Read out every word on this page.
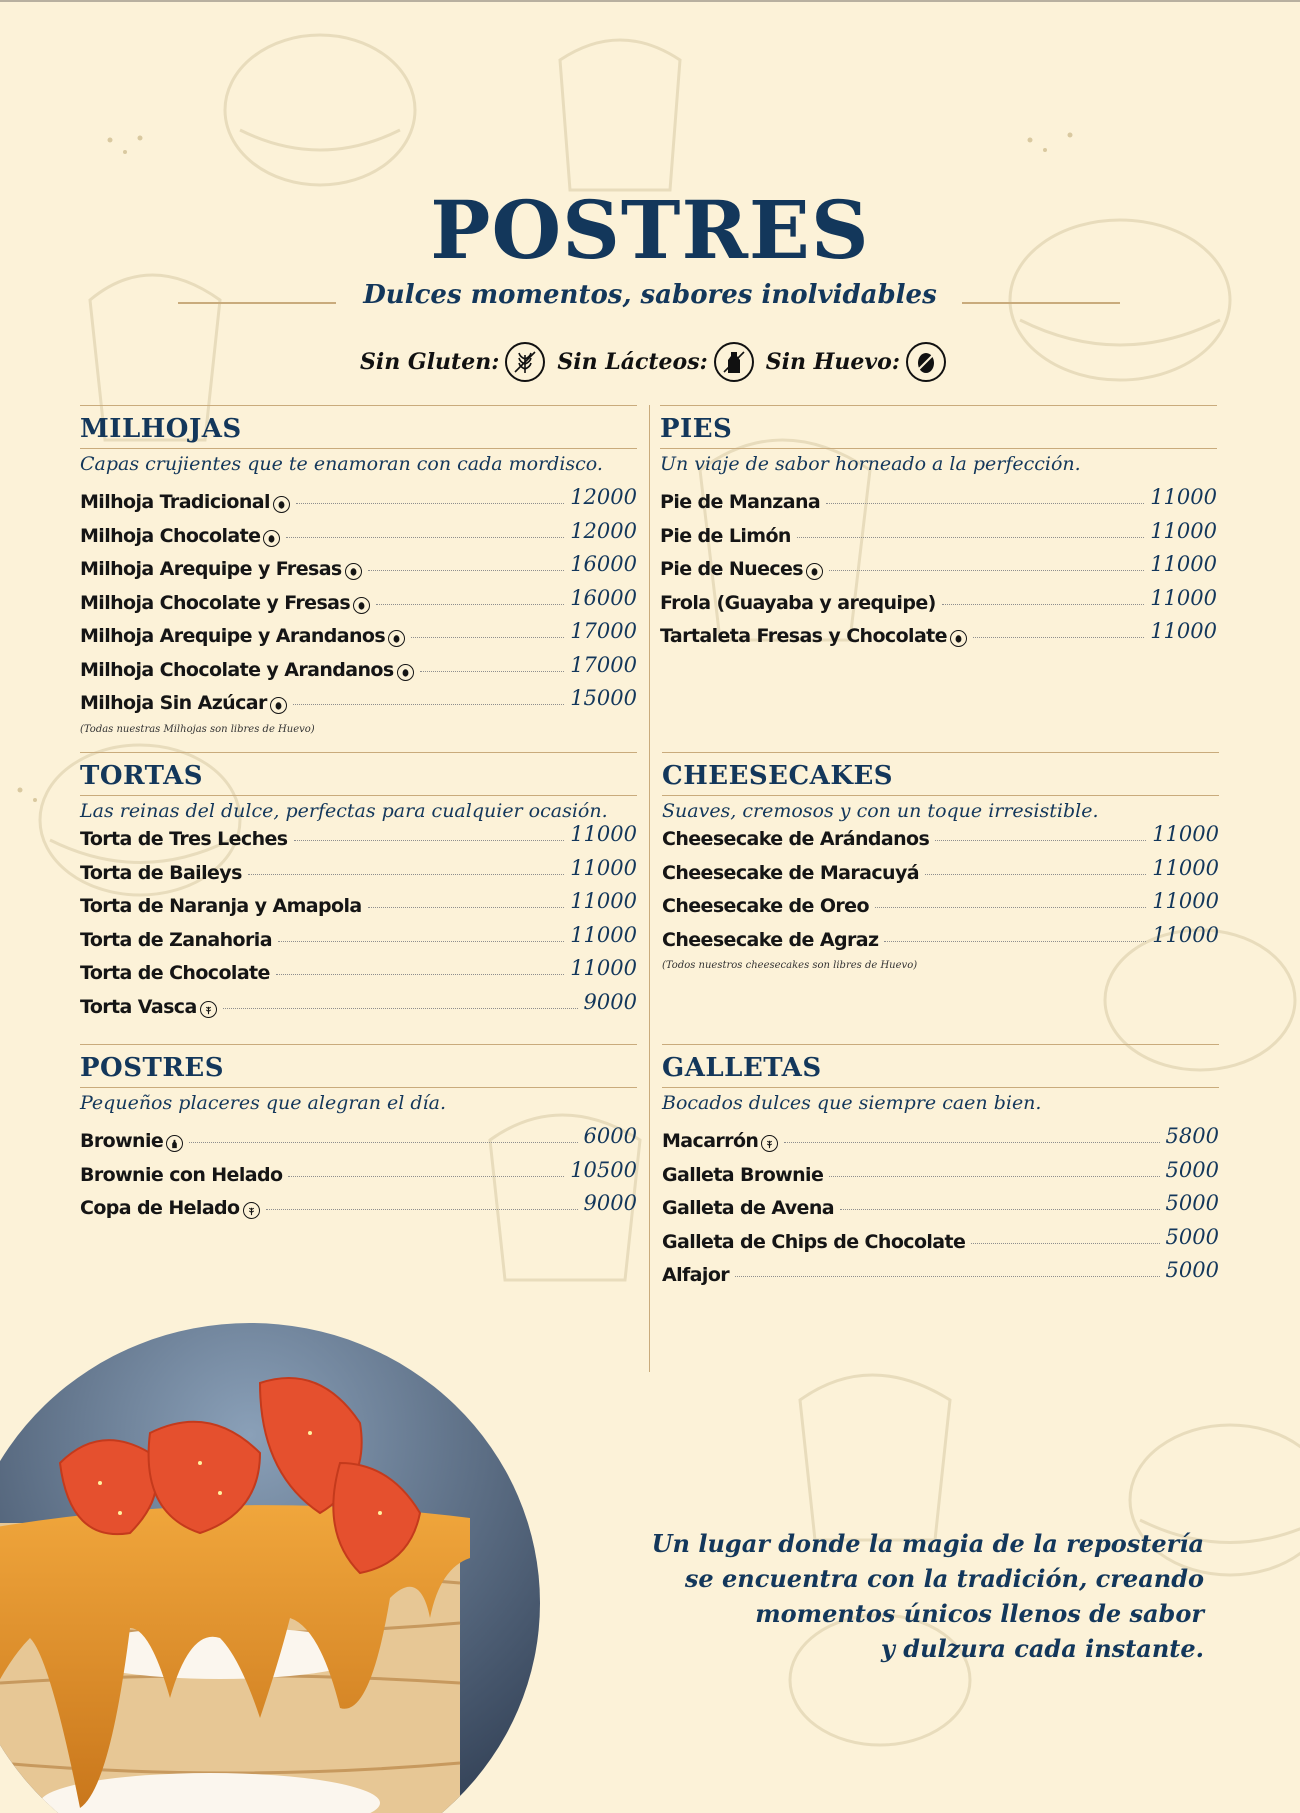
POSTRES
Dulces momentos, sabores inolvidables
Sin Gluten:	Sin Lácteos:	Sin Huevo:
MILHOJAS

Capas crujientes que te enamoran con cada mordisco.

Milhoja Tradicional	12000
Milhoja Chocolate	12000
Milhoja Arequipe y Fresas	16000
Milhoja Chocolate y Fresas	16000
Milhoja Arequipe y Arandanos	17000
Milhoja Chocolate y Arandanos	17000
Milhoja Sin Azúcar	15000

(Todas nuestras Milhojas son libres de Huevo)

PIES

Un viaje de sabor horneado a la perfección.

Pie de Manzana	11000
Pie de Limón	11000
Pie de Nueces	11000
Frola (Guayaba y arequipe)	11000
Tartaleta Fresas y Chocolate	11000
TORTAS

Las reinas del dulce, perfectas para cualquier ocasión.

Torta de Tres Leches	11000
Torta de Baileys	11000
Torta de Naranja y Amapola	11000
Torta de Zanahoria	11000
Torta de Chocolate	11000
Torta Vasca	9000
CHEESECAKES

Suaves, cremosos y con un toque irresistible.

Cheesecake de Arándanos	11000
Cheesecake de Maracuyá	11000
Cheesecake de Oreo	11000
Cheesecake de Agraz	11000

(Todos nuestros cheesecakes son libres de Huevo)

POSTRES

Pequeños placeres que alegran el día.

Brownie	6000
Brownie con Helado	10500
Copa de Helado	9000
GALLETAS

Bocados dulces que siempre caen bien.

Macarrón	5800
Galleta Brownie	5000
Galleta de Avena	5000
Galleta de Chips de Chocolate	5000
Alfajor	5000
Un lugar donde la magia de la repostería
se encuentra con la tradición, creando
momentos únicos llenos de sabor
y dulzura cada instante.
